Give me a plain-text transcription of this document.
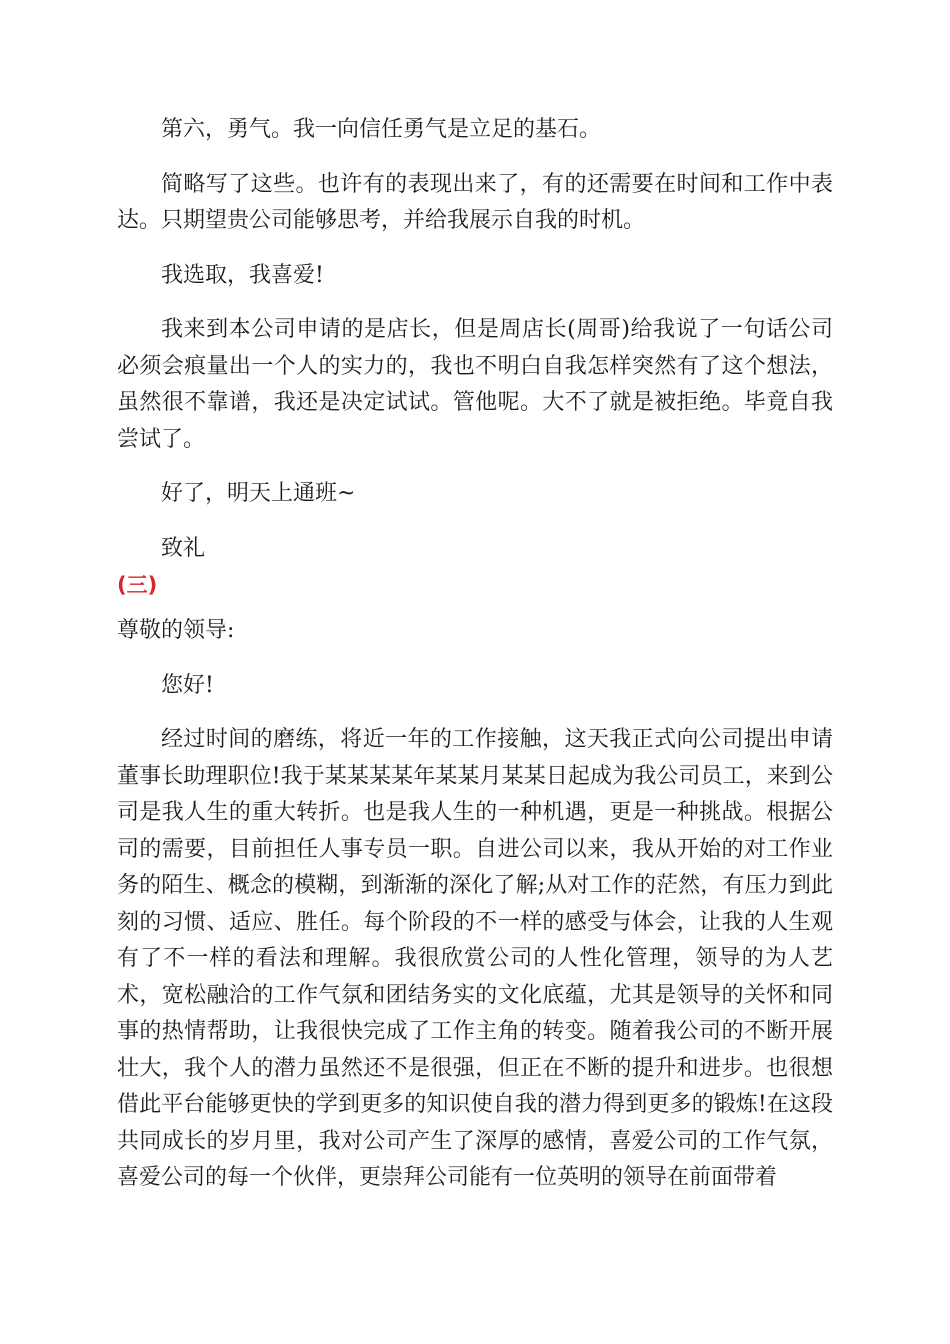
第六，勇气。我一向信任勇气是立足的基石。

简略写了这些。也许有的表现出来了，有的还需要在时间和工作中表达。只期望贵公司能够思考，并给我展示自我的时机。

我选取，我喜爱!

我来到本公司申请的是店长，但是周店长(周哥)给我说了一句话公司必须会痕量出一个人的实力的，我也不明白自我怎样突然有了这个想法，虽然很不靠谱，我还是决定试试。管他呢。大不了就是被拒绝。毕竟自我尝试了。

好了，明天上通班~

致礼

(三)

尊敬的领导:

您好!

经过时间的磨练，将近一年的工作接触，这天我正式向公司提出申请董事长助理职位!我于某某某某年某某月某某日起成为我公司员工，来到公司是我人生的重大转折。也是我人生的一种机遇，更是一种挑战。根据公司的需要，目前担任人事专员一职。自进公司以来，我从开始的对工作业务的陌生、概念的模糊，到渐渐的深化了解;从对工作的茫然，有压力到此刻的习惯、适应、胜任。每个阶段的不一样的感受与体会，让我的人生观有了不一样的看法和理解。我很欣赏公司的人性化管理，领导的为人艺术，宽松融洽的工作气氛和团结务实的文化底蕴，尤其是领导的关怀和同事的热情帮助，让我很快完成了工作主角的转变。随着我公司的不断开展壮大，我个人的潜力虽然还不是很强，但正在不断的提升和进步。也很想借此平台能够更快的学到更多的知识使自我的潜力得到更多的锻炼!在这段共同成长的岁月里，我对公司产生了深厚的感情，喜爱公司的工作气氛，喜爱公司的每一个伙伴，更崇拜公司能有一位英明的领导在前面带着
